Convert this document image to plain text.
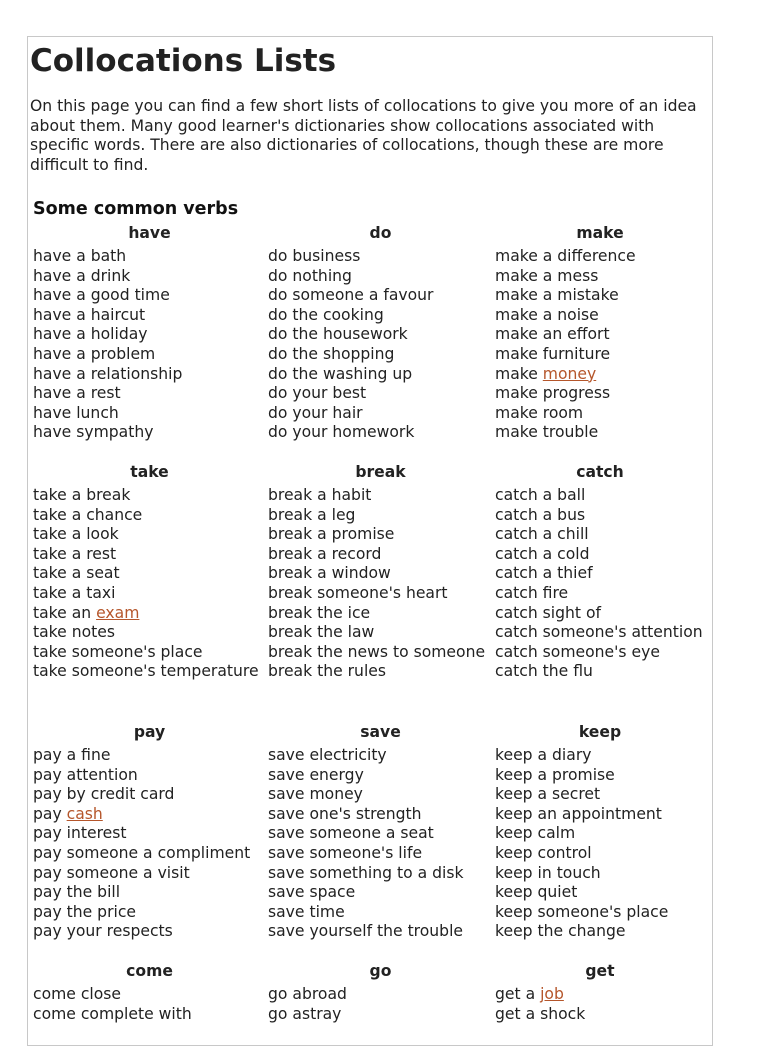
Collocations Lists

On this page you can find a few short lists of collocations to give you more of an idea about them. Many good learner's dictionaries show collocations associated with specific words. There are also dictionaries of collocations, though these are more difficult to find.

Some common verbs
have
have a bath
have a drink
have a good time
have a haircut
have a holiday
have a problem
have a relationship
have a rest
have lunch
have sympathy
do
do business
do nothing
do someone a favour
do the cooking
do the housework
do the shopping
do the washing up
do your best
do your hair
do your homework
make
make a difference
make a mess
make a mistake
make a noise
make an effort
make furniture
make money
make progress
make room
make trouble
take
take a break
take a chance
take a look
take a rest
take a seat
take a taxi
take an exam
take notes
take someone's place
take someone's temperature
break
break a habit
break a leg
break a promise
break a record
break a window
break someone's heart
break the ice
break the law
break the news to someone
break the rules
catch
catch a ball
catch a bus
catch a chill
catch a cold
catch a thief
catch fire
catch sight of
catch someone's attention
catch someone's eye
catch the flu
pay
pay a fine
pay attention
pay by credit card
pay cash
pay interest
pay someone a compliment
pay someone a visit
pay the bill
pay the price
pay your respects
save
save electricity
save energy
save money
save one's strength
save someone a seat
save someone's life
save something to a disk
save space
save time
save yourself the trouble
keep
keep a diary
keep a promise
keep a secret
keep an appointment
keep calm
keep control
keep in touch
keep quiet
keep someone's place
keep the change
come
come close
come complete with
go
go abroad
go astray
get
get a job
get a shock
